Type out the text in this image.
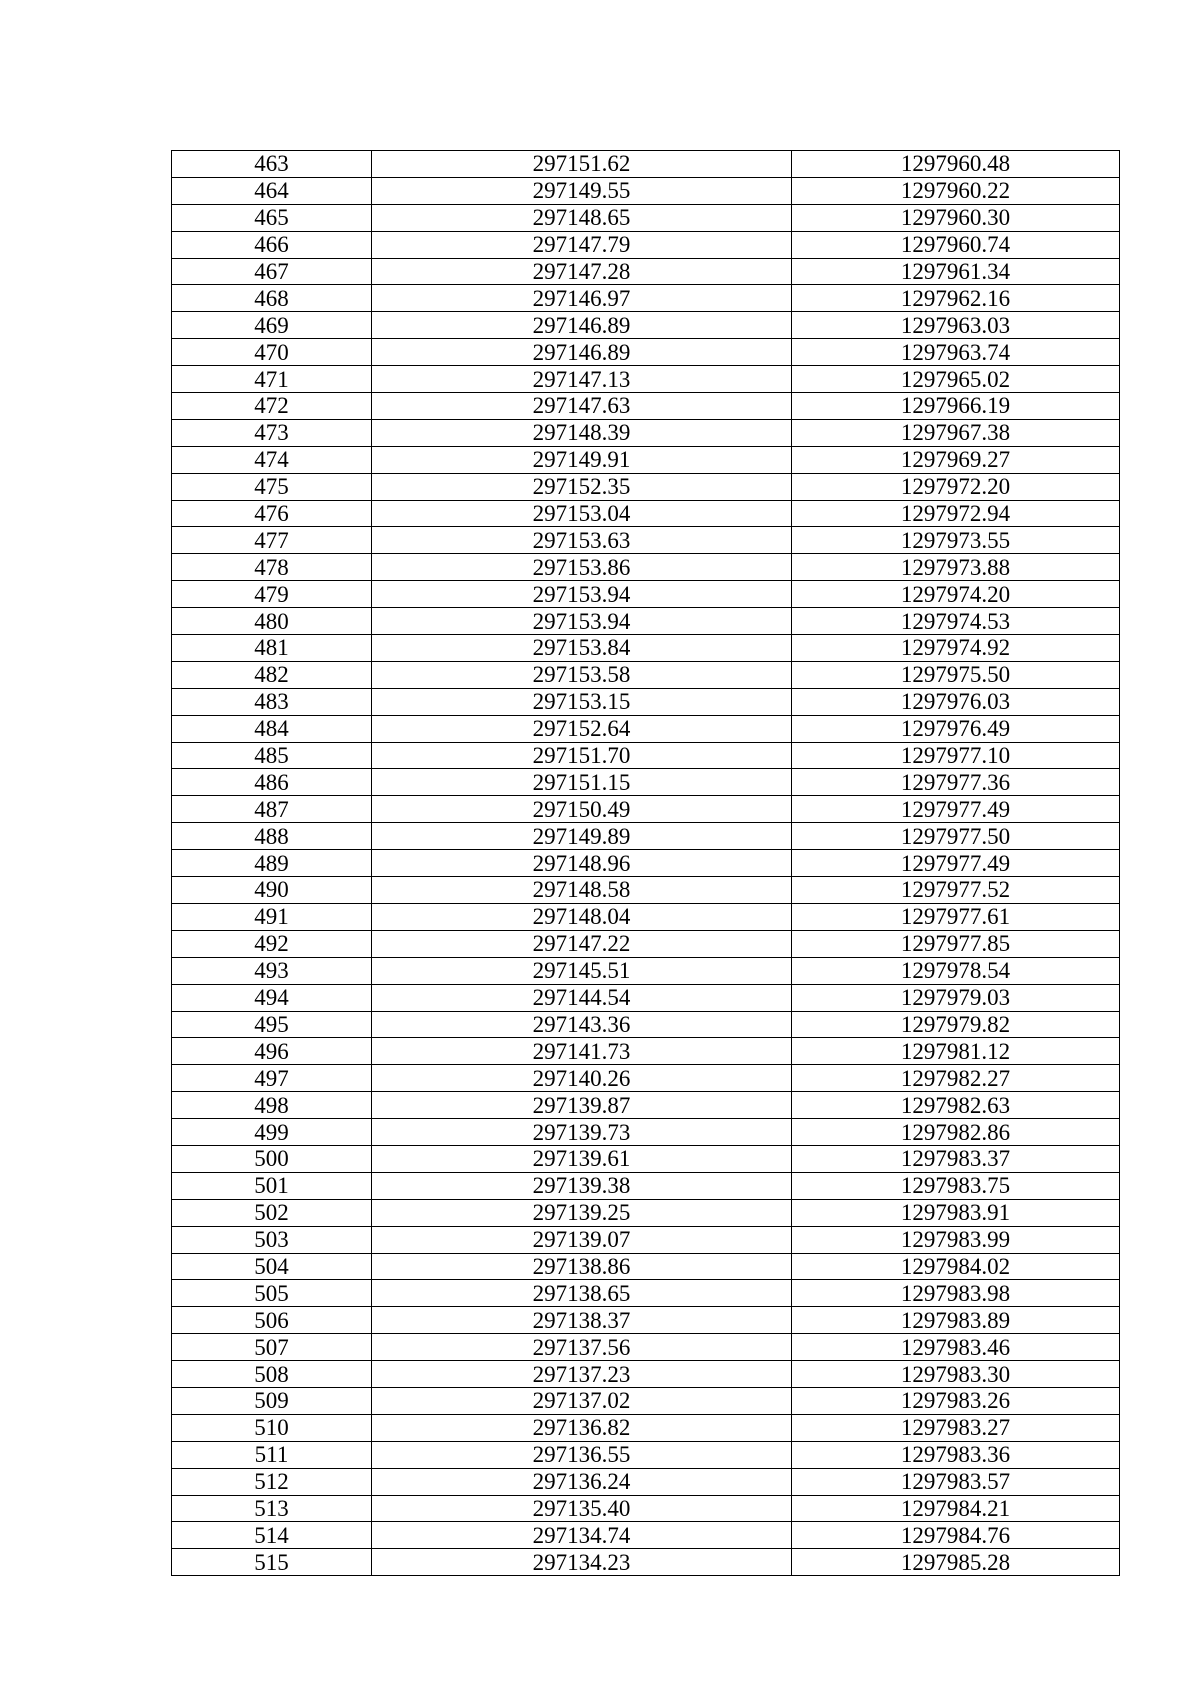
463	297151.62	1297960.48
464	297149.55	1297960.22
465	297148.65	1297960.30
466	297147.79	1297960.74
467	297147.28	1297961.34
468	297146.97	1297962.16
469	297146.89	1297963.03
470	297146.89	1297963.74
471	297147.13	1297965.02
472	297147.63	1297966.19
473	297148.39	1297967.38
474	297149.91	1297969.27
475	297152.35	1297972.20
476	297153.04	1297972.94
477	297153.63	1297973.55
478	297153.86	1297973.88
479	297153.94	1297974.20
480	297153.94	1297974.53
481	297153.84	1297974.92
482	297153.58	1297975.50
483	297153.15	1297976.03
484	297152.64	1297976.49
485	297151.70	1297977.10
486	297151.15	1297977.36
487	297150.49	1297977.49
488	297149.89	1297977.50
489	297148.96	1297977.49
490	297148.58	1297977.52
491	297148.04	1297977.61
492	297147.22	1297977.85
493	297145.51	1297978.54
494	297144.54	1297979.03
495	297143.36	1297979.82
496	297141.73	1297981.12
497	297140.26	1297982.27
498	297139.87	1297982.63
499	297139.73	1297982.86
500	297139.61	1297983.37
501	297139.38	1297983.75
502	297139.25	1297983.91
503	297139.07	1297983.99
504	297138.86	1297984.02
505	297138.65	1297983.98
506	297138.37	1297983.89
507	297137.56	1297983.46
508	297137.23	1297983.30
509	297137.02	1297983.26
510	297136.82	1297983.27
511	297136.55	1297983.36
512	297136.24	1297983.57
513	297135.40	1297984.21
514	297134.74	1297984.76
515	297134.23	1297985.28
